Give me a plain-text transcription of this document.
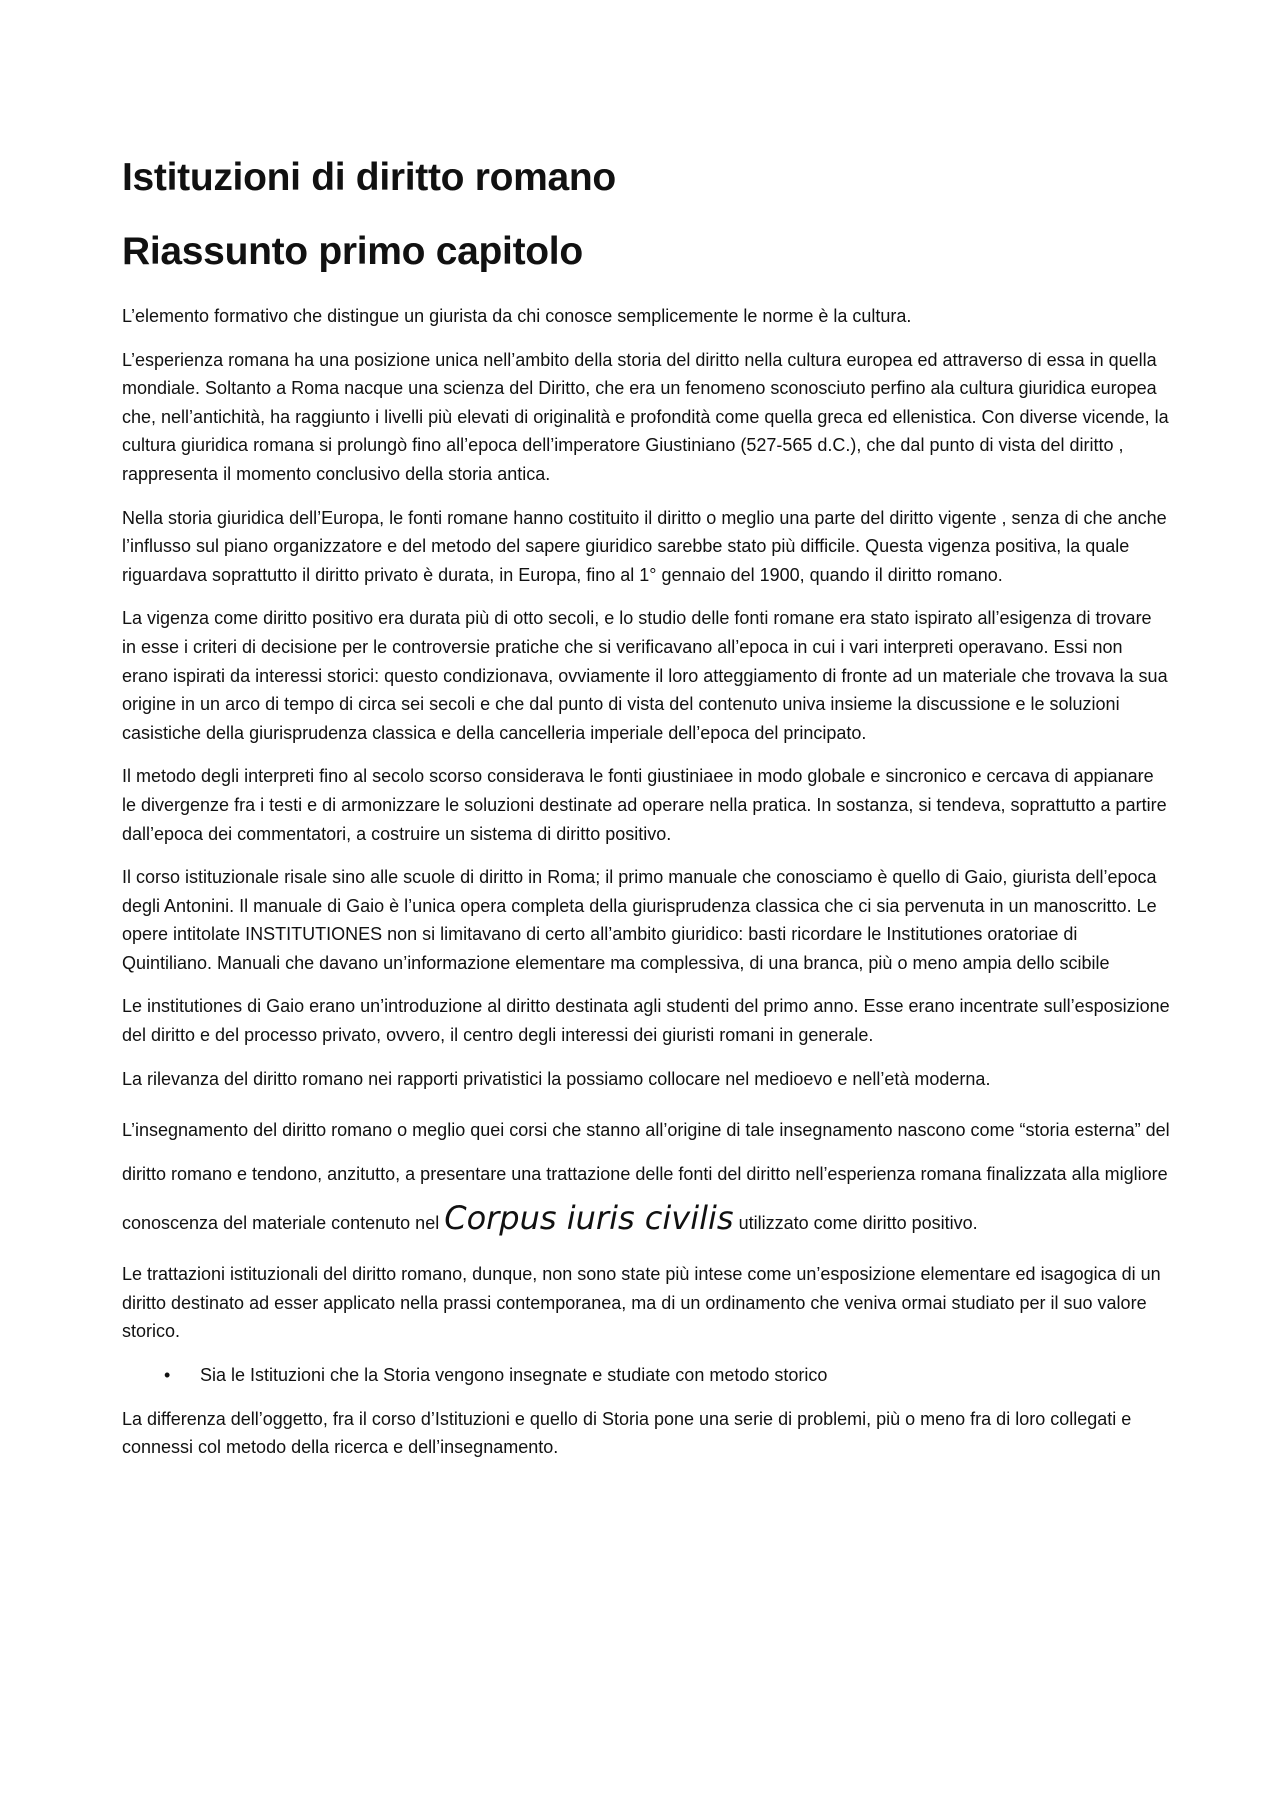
Istituzioni di diritto romano
Riassunto primo capitolo

L’elemento formativo che distingue un giurista da chi conosce semplicemente le norme è la cultura.

L’esperienza romana ha una posizione unica nell’ambito della storia del diritto nella cultura europea ed attraverso di essa in quella mondiale. Soltanto a Roma nacque una scienza del Diritto, che era un fenomeno sconosciuto perfino ala cultura giuridica europea che, nell’antichità, ha raggiunto i livelli più elevati di originalità e profondità come quella greca ed ellenistica. Con diverse vicende, la cultura giuridica romana si prolungò fino all’epoca dell’imperatore Giustiniano (527-565 d.C.), che dal punto di vista del diritto , rappresenta il momento conclusivo della storia antica.

Nella storia giuridica dell’Europa, le fonti romane hanno costituito il diritto o meglio una parte del diritto vigente , senza di che anche l’influsso sul piano organizzatore e del metodo del sapere giuridico sarebbe stato più difficile. Questa vigenza positiva, la quale riguardava soprattutto il diritto privato è durata, in Europa, fino al 1° gennaio del 1900, quando il diritto romano.

La vigenza come diritto positivo era durata più di otto secoli, e lo studio delle fonti romane era stato ispirato all’esigenza di trovare in esse i criteri di decisione per le controversie pratiche che si verificavano all’epoca in cui i vari interpreti operavano. Essi non erano ispirati da interessi storici: questo condizionava, ovviamente il loro atteggiamento di fronte ad un materiale che trovava la sua origine in un arco di tempo di circa sei secoli e che dal punto di vista del contenuto univa insieme la discussione e le soluzioni casistiche della giurisprudenza classica e della cancelleria imperiale dell’epoca del principato.

Il metodo degli interpreti fino al secolo scorso considerava le fonti giustiniaee in modo globale e sincronico e cercava di appianare le divergenze fra i testi e di armonizzare le soluzioni destinate ad operare nella pratica. In sostanza, si tendeva, soprattutto a partire dall’epoca dei commentatori, a costruire un sistema di diritto positivo.

Il corso istituzionale risale sino alle scuole di diritto in Roma; il primo manuale che conosciamo è quello di Gaio, giurista dell’epoca degli Antonini. Il manuale di Gaio è l’unica opera completa della giurisprudenza classica che ci sia pervenuta in un manoscritto. Le opere intitolate INSTITUTIONES non si limitavano di certo all’ambito giuridico: basti ricordare le Institutiones oratoriae di Quintiliano. Manuali che davano un’informazione elementare ma complessiva, di una branca, più o meno ampia dello scibile

Le institutiones di Gaio erano un’introduzione al diritto destinata agli studenti del primo anno. Esse erano incentrate sull’esposizione del diritto e del processo privato, ovvero, il centro degli interessi dei giuristi romani in generale.

La rilevanza del diritto romano nei rapporti privatistici la possiamo collocare nel medioevo e nell’età moderna.

L’insegnamento del diritto romano o meglio quei corsi che stanno all’origine di tale insegnamento nascono come “storia esterna” del diritto romano e tendono, anzitutto, a presentare una trattazione delle fonti del diritto nell’esperienza romana finalizzata alla migliore conoscenza del materiale contenuto nel Corpus iuris civilis utilizzato come diritto positivo.

Le trattazioni istituzionali del diritto romano, dunque, non sono state più intese come un’esposizione elementare ed isagogica di un diritto destinato ad esser applicato nella prassi contemporanea, ma di un ordinamento che veniva ormai studiato per il suo valore storico.

•	Sia le Istituzioni che la Storia vengono insegnate e studiate con metodo storico

La differenza dell’oggetto, fra il corso d’Istituzioni e quello di Storia pone una serie di problemi, più o meno fra di loro collegati e connessi col metodo della ricerca e dell’insegnamento.
